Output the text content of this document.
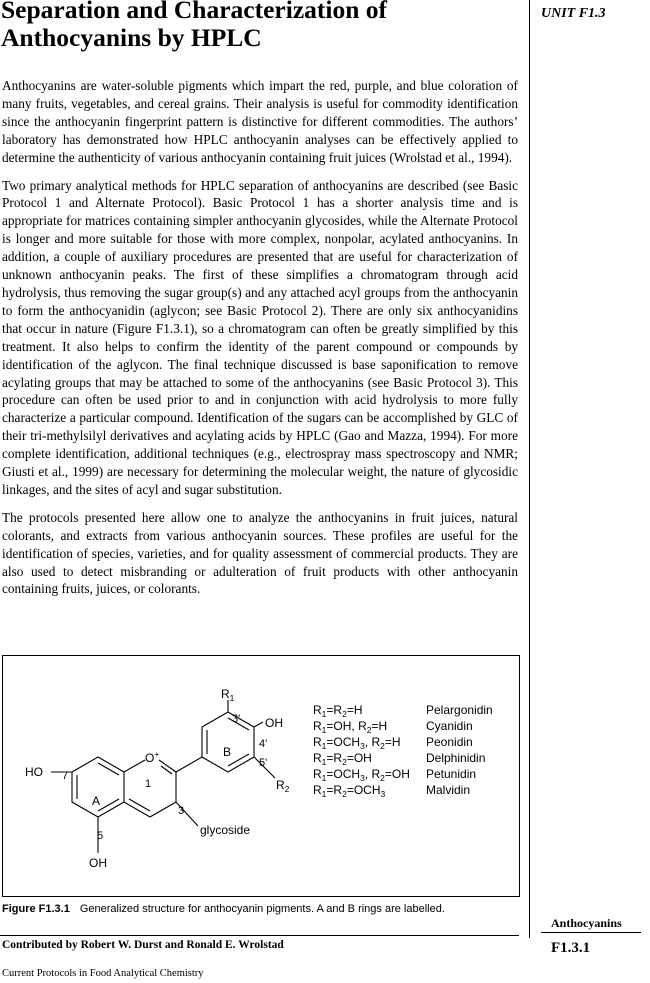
Separation and Characterization of
Anthocyanins by HPLC
UNIT F1.3

Anthocyanins are water-soluble pigments which impart the red, purple, and blue coloration of many fruits, vegetables, and cereal grains. Their analysis is useful for commodity identification since the anthocyanin fingerprint pattern is distinctive for different commodities. The authors’ laboratory has demonstrated how HPLC anthocyanin analyses can be effectively applied to determine the authenticity of various anthocyanin containing fruit juices (Wrolstad et al., 1994).

Two primary analytical methods for HPLC separation of anthocyanins are described (see Basic Protocol 1 and Alternate Protocol). Basic Protocol 1 has a shorter analysis time and is appropriate for matrices containing simpler anthocyanin glycosides, while the Alternate Protocol is longer and more suitable for those with more complex, nonpolar, acylated anthocyanins. In addition, a couple of auxiliary procedures are presented that are useful for characterization of unknown anthocyanin peaks. The first of these simplifies a chromatogram through acid hydrolysis, thus removing the sugar group(s) and any attached acyl groups from the anthocyanin to form the anthocyanidin (aglycon; see Basic Protocol 2). There are only six anthocyanidins that occur in nature (Figure F1.3.1), so a chromatogram can often be greatly simplified by this treatment. It also helps to confirm the identity of the parent compound or compounds by identification of the aglycon. The final technique discussed is base saponification to remove acylating groups that may be attached to some of the anthocyanins (see Basic Protocol 3). This procedure can often be used prior to and in conjunction with acid hydrolysis to more fully characterize a particular compound. Identification of the sugars can be accomplished by GLC of their tri-methylsilyl derivatives and acylating acids by HPLC (Gao and Mazza, 1994). For more complete identification, additional techniques (e.g., electrospray mass spectroscopy and NMR; Giusti et al., 1999) are necessary for determining the molecular weight, the nature of glycosidic linkages, and the sites of acyl and sugar substitution.

The protocols presented here allow one to analyze the anthocyanins in fruit juices, natural colorants, and extracts from various anthocyanin sources. These profiles are useful for the identification of species, varieties, and for quality assessment of commercial products. They are also used to detect misbranding or adulteration of fruit products with other anthocyanin containing fruits, juices, or colorants.

$R_1$
3' OH
4'
B
5'
$R_2$
O+
1
HO 7
A
3
5
OH
glycoside
$R_1=R_2=H$	Pelargonidin
$R_1=OH$, $R_2=H$	Cyanidin
$R_1=OCH_3$, $R_2=H$ Peonidin
$R_1=R_2=OH$	Delphinidin
$R_1=OCH_3$, $R_2=OH$ Petunidin
$R_1=R_2=OCH_3$	Malvidin
Figure F1.3.1 Generalized structure for anthocyanin pigments. A and B rings are labelled.
Anthocyanins
F1.3.1
Contributed by Robert W. Durst and Ronald E. Wrolstad
Current Protocols in Food Analytical Chemistry
